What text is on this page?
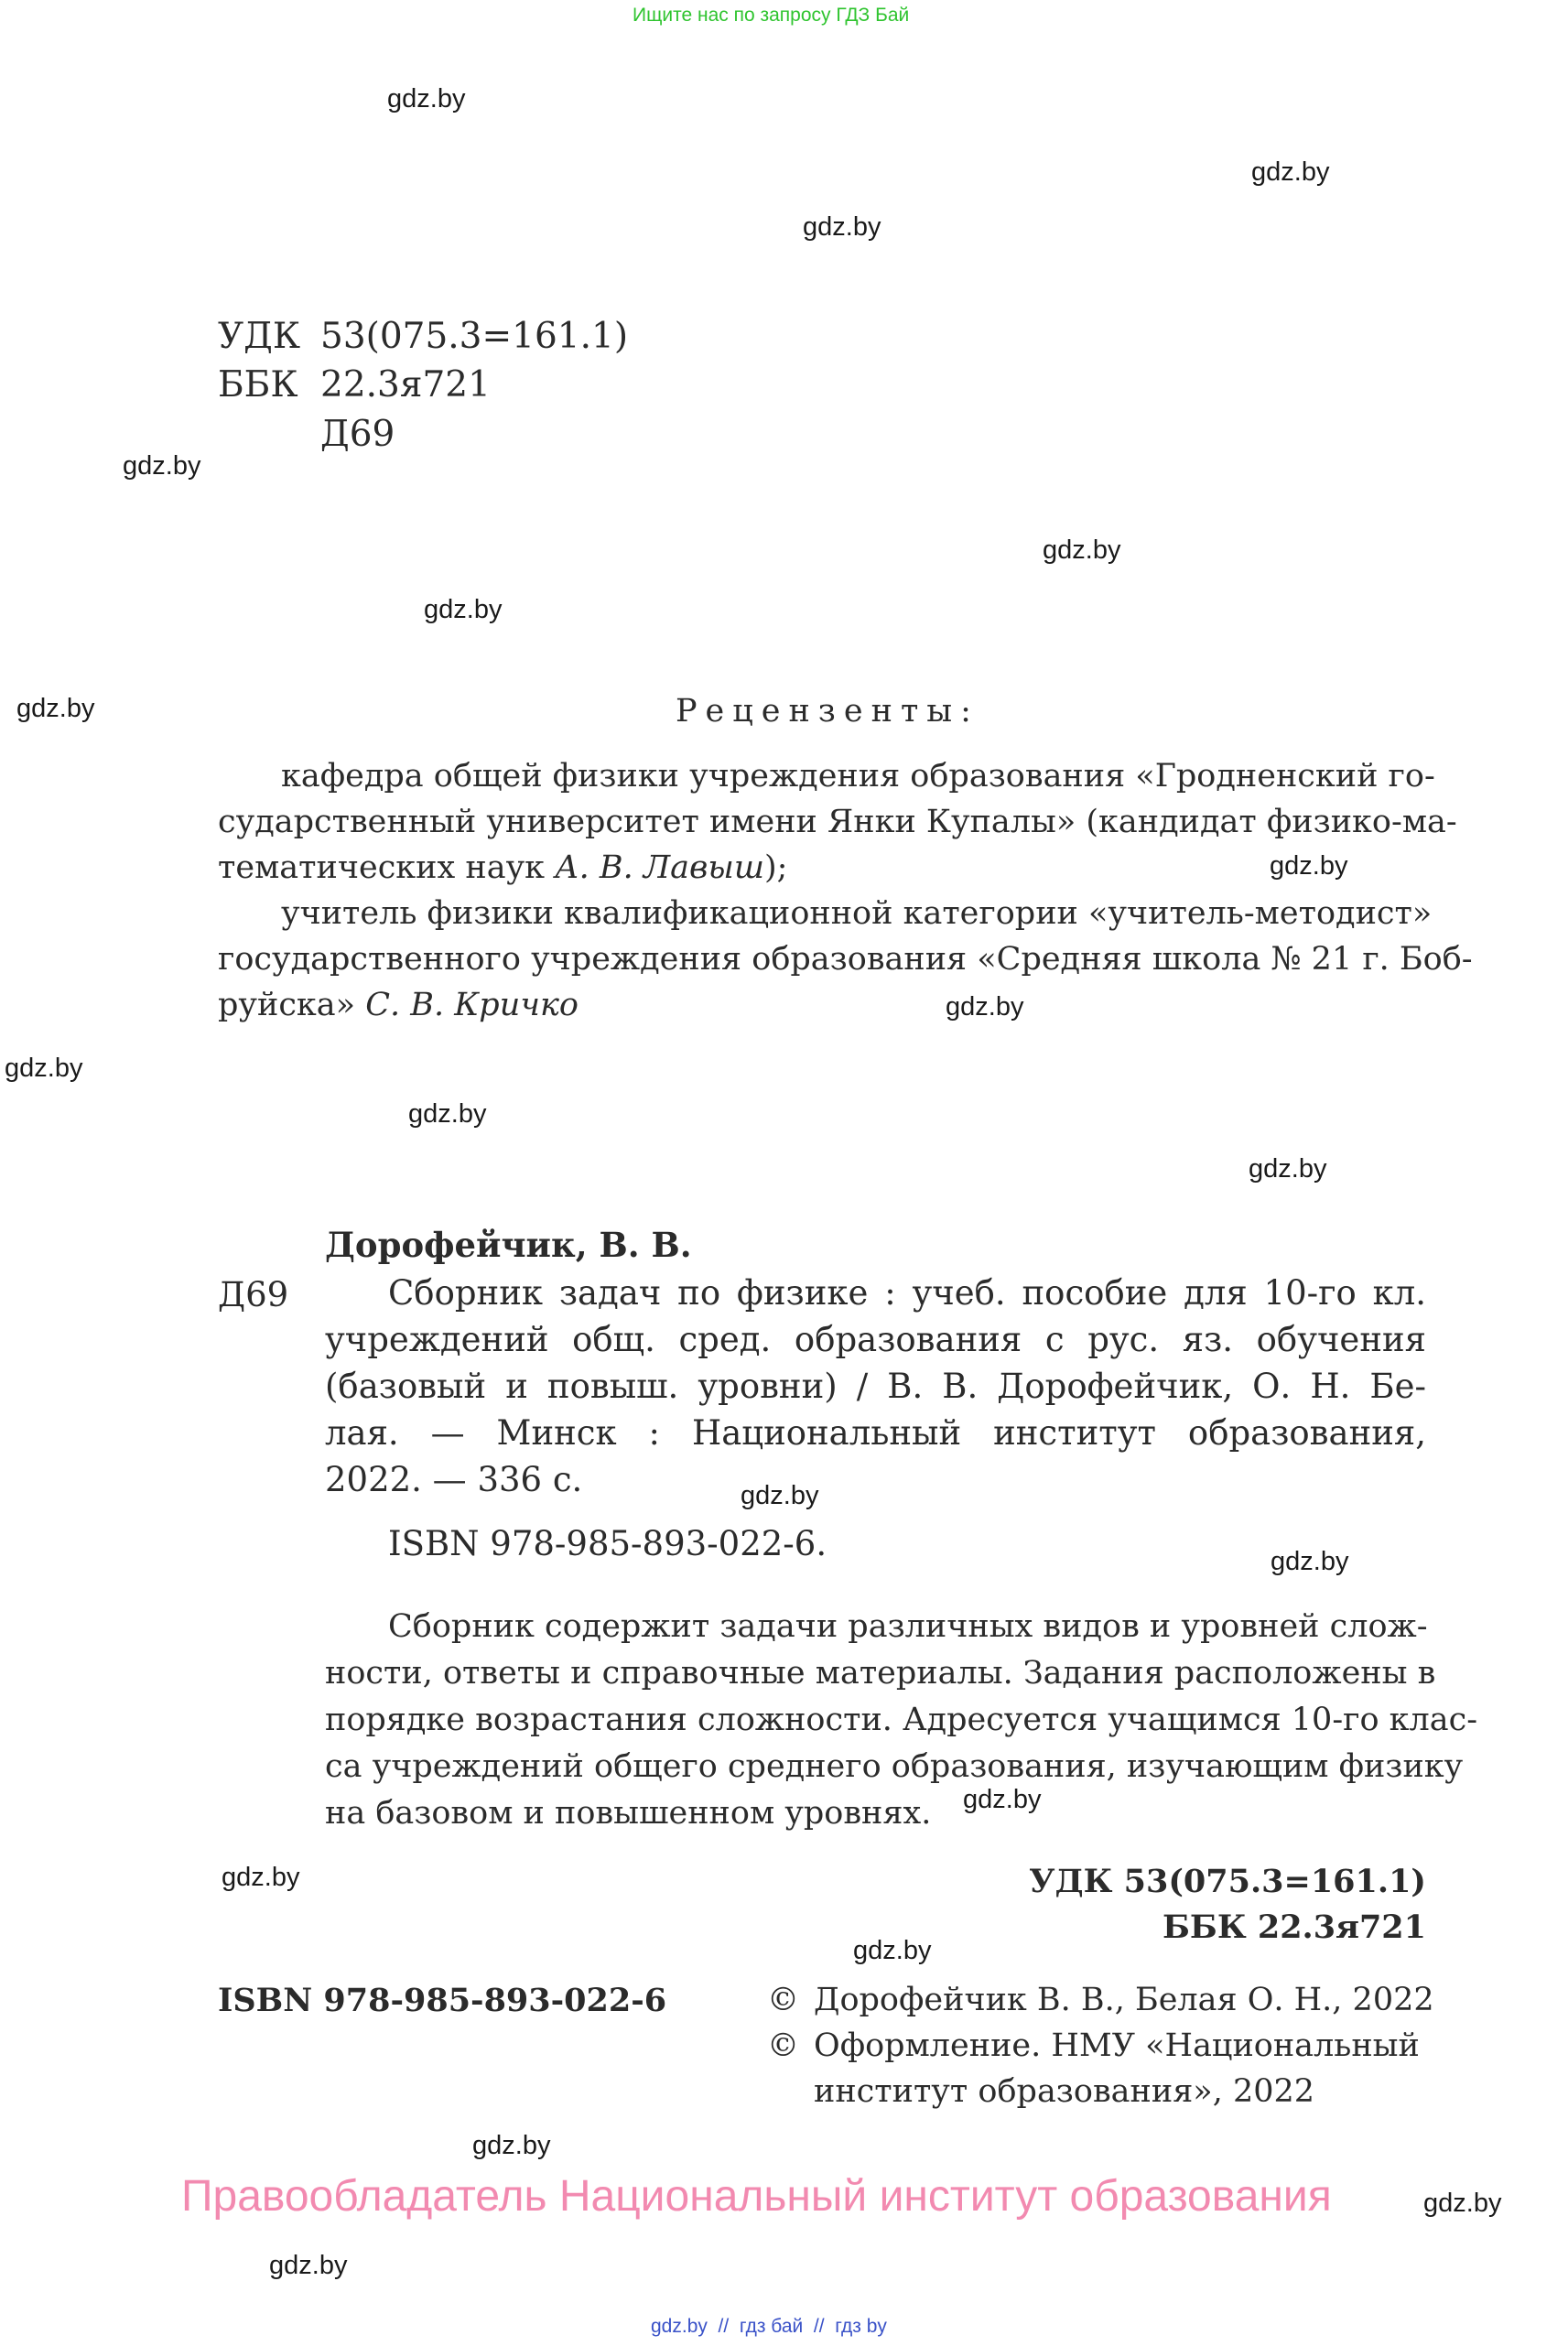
Ищите нас по запросу ГДЗ Бай
gdz.by
gdz.by
gdz.by
gdz.by
gdz.by
gdz.by
gdz.by
gdz.by
gdz.by
gdz.by
gdz.by
gdz.by
gdz.by
gdz.by
gdz.by
gdz.by
gdz.by
gdz.by
gdz.by
gdz.by
УДК 53(075.3=161.1)
ББК 22.3я721
Д69
Рецензенты:
кафедра общей физики учреждения образования «Гродненский го-
сударственный университет имени Янки Купалы» (кандидат физико-ма-
тематических наук А. В. Лавыш);
учитель физики квалификационной категории «учитель-методист»
государственного учреждения образования «Средняя школа № 21 г. Боб-
руйска» С. В. Кричко
Дорофейчик, В. В.
Д69	Сборник задач по физике : учеб. пособие для 10-го кл.
учреждений общ. сред. образования с рус. яз. обучения
(базовый и повыш. уровни) / В. В. Дорофейчик, О. Н. Бе-
лая. — Минск : Национальный институт образования,
2022. — 336 с.
ISBN 978-985-893-022-6.
Сборник содержит задачи различных видов и уровней слож-
ности, ответы и справочные материалы. Задания расположены в
порядке возрастания сложности. Адресуется учащимся 10-го клас-
са учреждений общего среднего образования, изучающим физику
на базовом и повышенном уровнях.
УДК 53(075.3=161.1)
ББК 22.3я721
ISBN 978-985-893-022-6	© Дорофейчик В. В., Белая О. Н., 2022
© Оформление. НМУ «Национальный
институт образования», 2022
Правообладатель Национальный институт образования
gdz.by  //  гдз бай  //  гдз by
